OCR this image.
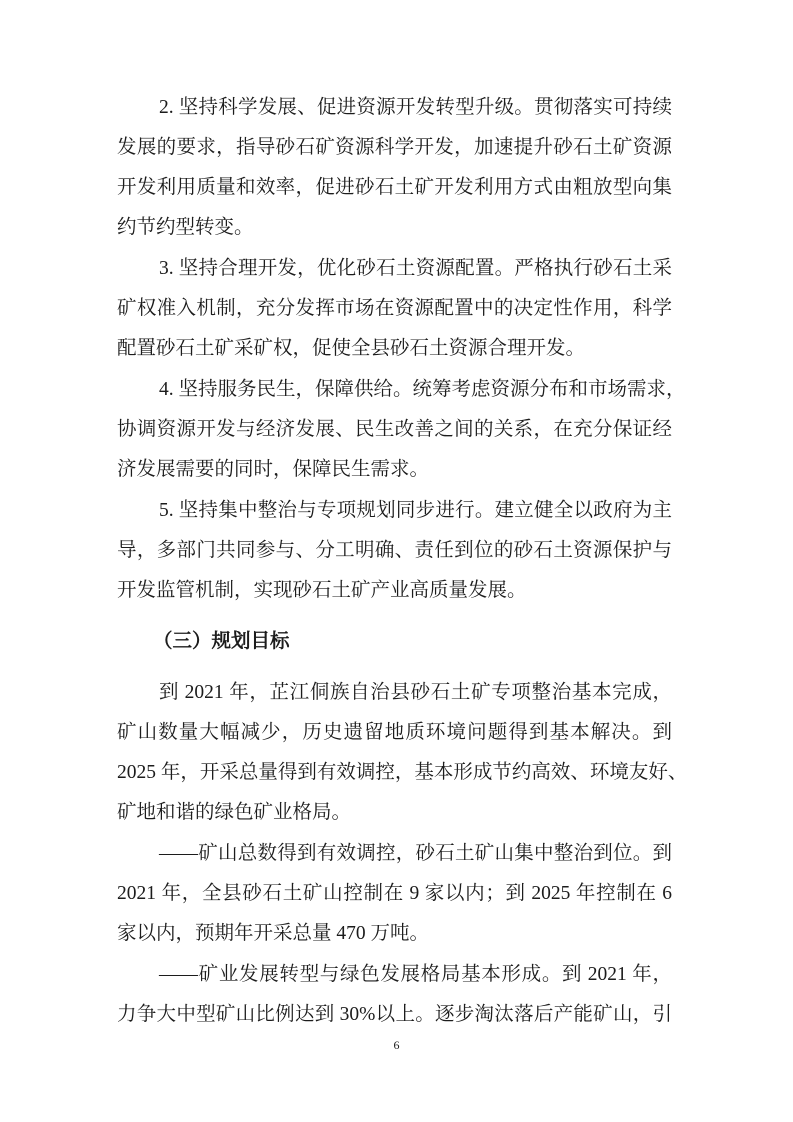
2. 坚持科学发展、促进资源开发转型升级。贯彻落实可持续
发展的要求，指导砂石矿资源科学开发，加速提升砂石土矿资源
开发利用质量和效率，促进砂石土矿开发利用方式由粗放型向集
约节约型转变。
3. 坚持合理开发，优化砂石土资源配置。严格执行砂石土采
矿权准入机制，充分发挥市场在资源配置中的决定性作用，科学
配置砂石土矿采矿权，促使全县砂石土资源合理开发。
4. 坚持服务民生，保障供给。统筹考虑资源分布和市场需求，
协调资源开发与经济发展、民生改善之间的关系，在充分保证经
济发展需要的同时，保障民生需求。
5. 坚持集中整治与专项规划同步进行。建立健全以政府为主
导，多部门共同参与、分工明确、责任到位的砂石土资源保护与
开发监管机制，实现砂石土矿产业高质量发展。
（三）规划目标
到 2021 年，芷江侗族自治县砂石土矿专项整治基本完成，
矿山数量大幅减少，历史遗留地质环境问题得到基本解决。到
2025 年，开采总量得到有效调控，基本形成节约高效、环境友好、
矿地和谐的绿色矿业格局。
——矿山总数得到有效调控，砂石土矿山集中整治到位。到
2021 年，全县砂石土矿山控制在 9 家以内；到 2025 年控制在 6
家以内，预期年开采总量 470 万吨。
——矿业发展转型与绿色发展格局基本形成。到 2021 年，
力争大中型矿山比例达到 30%以上。逐步淘汰落后产能矿山，引
6
